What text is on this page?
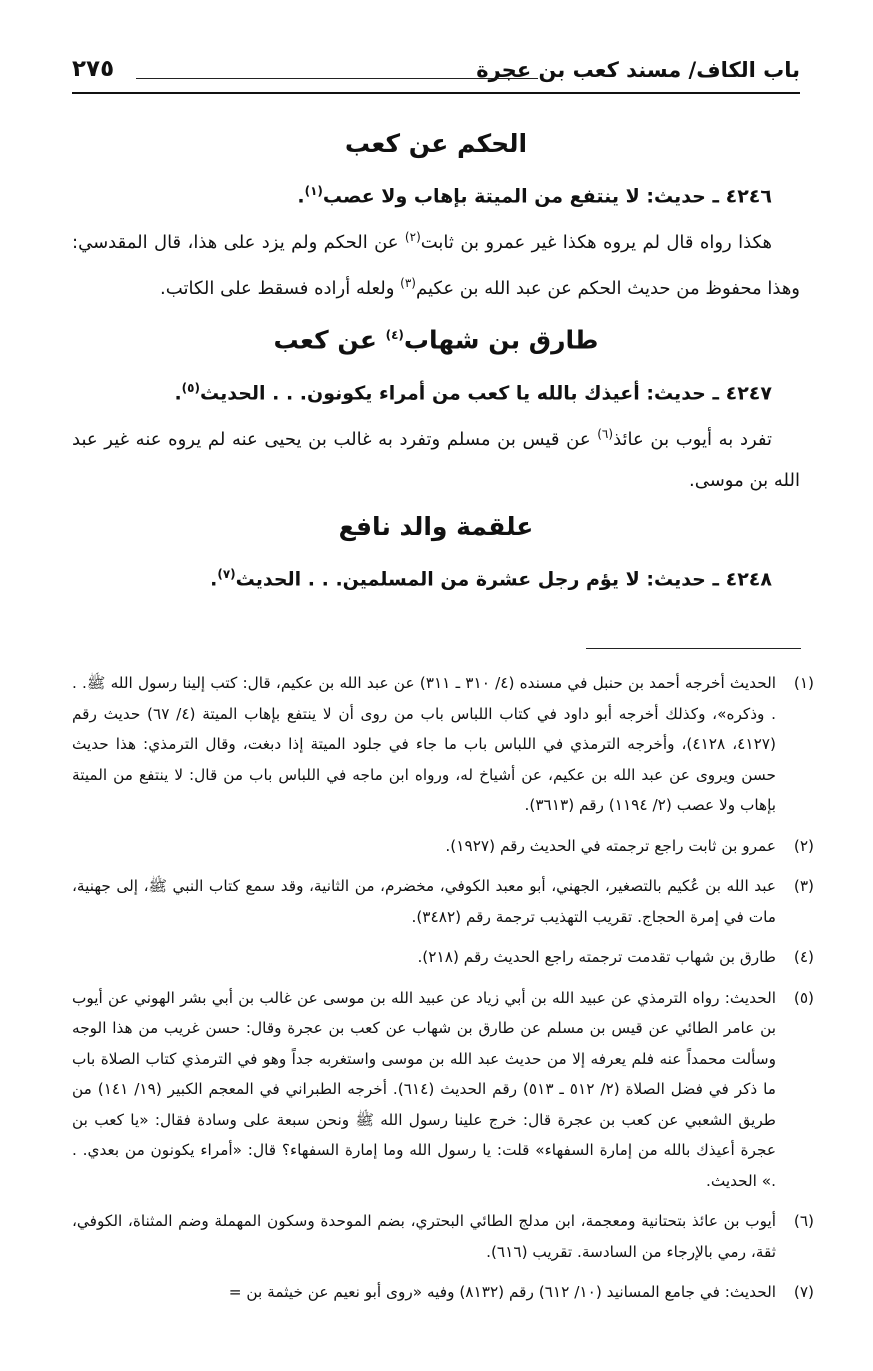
باب الكاف/ مسند كعب بن عجرة
٢٧٥
الحكم عن كعب

٤٢٤٦ ـ حديث: لا ينتفع من الميتة بإهاب ولا عصب$^{(١)}$.

هكذا رواه قال لم يروه هكذا غير عمرو بن ثابت$^{(٢)}$ عن الحكم ولم يزد على هذا، قال المقدسي: وهذا محفوظ من حديث الحكم عن عبد الله بن عكيم$^{(٣)}$ ولعله أراده فسقط على الكاتب.

طارق بن شهاب$^{(٤)}$ عن كعب

٤٢٤٧ ـ حديث: أعيذك بالله يا كعب من أمراء يكونون. . . الحديث$^{(٥)}$.

تفرد به أيوب بن عائذ$^{(٦)}$ عن قيس بن مسلم وتفرد به غالب بن يحيى عنه لم يروه عنه غير عبد الله بن موسى.

علقمة والد نافع

٤٢٤٨ ـ حديث: لا يؤم رجل عشرة من المسلمين. . . الحديث$^{(٧)}$.

(١)
الحديث أخرجه أحمد بن حنبل في مسنده (٤/ ٣١٠ ـ ٣١١) عن عبد الله بن عكيم، قال: كتب إلينا رسول الله ﷺ. . . وذكره»، وكذلك أخرجه أبو داود في كتاب اللباس باب من روى أن لا ينتفع بإهاب الميتة (٤/ ٦٧) حديث رقم (٤١٢٧، ٤١٢٨)، وأخرجه الترمذي في اللباس باب ما جاء في جلود الميتة إذا دبغت، وقال الترمذي: هذا حديث حسن ويروى عن عبد الله بن عكيم، عن أشياخ له، ورواه ابن ماجه في اللباس باب من قال: لا ينتفع من الميتة بإهاب ولا عصب (٢/ ١١٩٤) رقم (٣٦١٣).
(٢)
عمرو بن ثابت راجع ترجمته في الحديث رقم (١٩٢٧).
(٣)
عبد الله بن عُكيم بالتصغير، الجهني، أبو معبد الكوفي، مخضرم، من الثانية، وقد سمع كتاب النبي ﷺ، إلى جهنية، مات في إمرة الحجاج. تقريب التهذيب ترجمة رقم (٣٤٨٢).
(٤)
طارق بن شهاب تقدمت ترجمته راجع الحديث رقم (٢١٨).
(٥)
الحديث: رواه الترمذي عن عبيد الله بن أبي زياد عن عبيد الله بن موسى عن غالب بن أبي بشر الهوني عن أيوب بن عامر الطائي عن قيس بن مسلم عن طارق بن شهاب عن كعب بن عجرة وقال: حسن غريب من هذا الوجه وسألت محمداً عنه فلم يعرفه إلا من حديث عبد الله بن موسى واستغربه جداً وهو في الترمذي كتاب الصلاة باب ما ذكر في فضل الصلاة (٢/ ٥١٢ ـ ٥١٣) رقم الحديث (٦١٤). أخرجه الطبراني في المعجم الكبير (١٩/ ١٤١) من طريق الشعبي عن كعب بن عجرة قال: خرج علينا رسول الله ﷺ ونحن سبعة على وسادة فقال: «يا كعب بن عجرة أعيذك بالله من إمارة السفهاء» قلت: يا رسول الله وما إمارة السفهاء؟ قال: «أمراء يكونون من بعدي. . .» الحديث.
(٦)
أيوب بن عائذ بتحتانية ومعجمة، ابن مدلج الطائي البحتري، بضم الموحدة وسكون المهملة وضم المثناة، الكوفي، ثقة، رمي بالإرجاء من السادسة. تقريب (٦١٦).
(٧)
الحديث: في جامع المسانيد (١٠/ ٦١٢) رقم (٨١٣٢) وفيه «روى أبو نعيم عن خيثمة بن =
